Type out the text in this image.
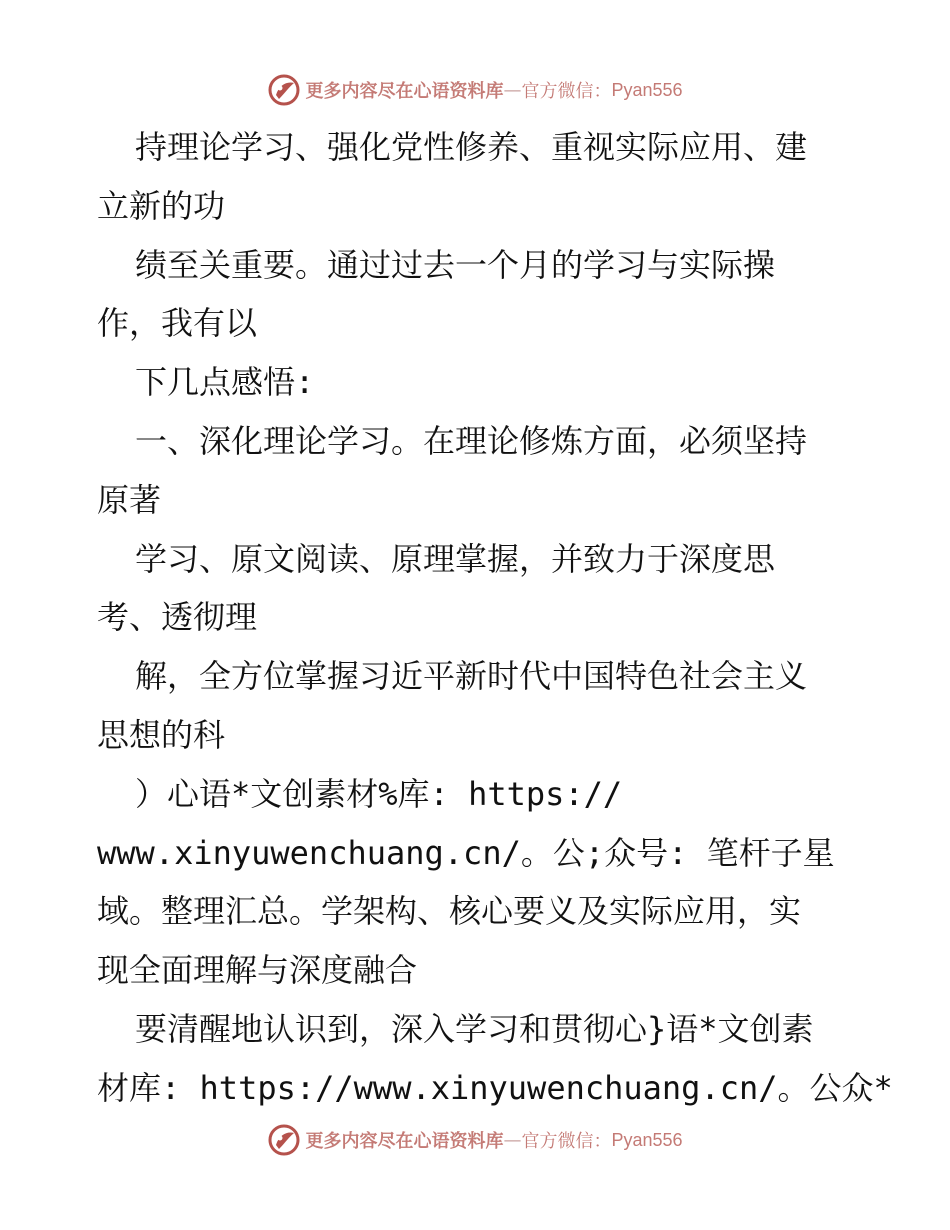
更多内容尽在心语资料库 — 官方微信： Pyan556
持理论学习、强化党性修养、重视实际应用、建
立新的功
绩至关重要。通过过去一个月的学习与实际操
作，我有以
下几点感悟:
一、深化理论学习。在理论修炼方面，必须坚持
原著
学习、原文阅读、原理掌握，并致力于深度思
考、透彻理
解，全方位掌握习近平新时代中国特色社会主义
思想的科
）心语*文创素材%库: https://
www.xinyuwenchuang.cn/。公;众号: 笔杆子星
域。整理汇总。学架构、核心要义及实际应用，实
现全面理解与深度融合
要清醒地认识到，深入学习和贯彻心}语*文创素
材库: https://www.xinyuwenchuang.cn/。公众*
更多内容尽在心语资料库 — 官方微信： Pyan556
